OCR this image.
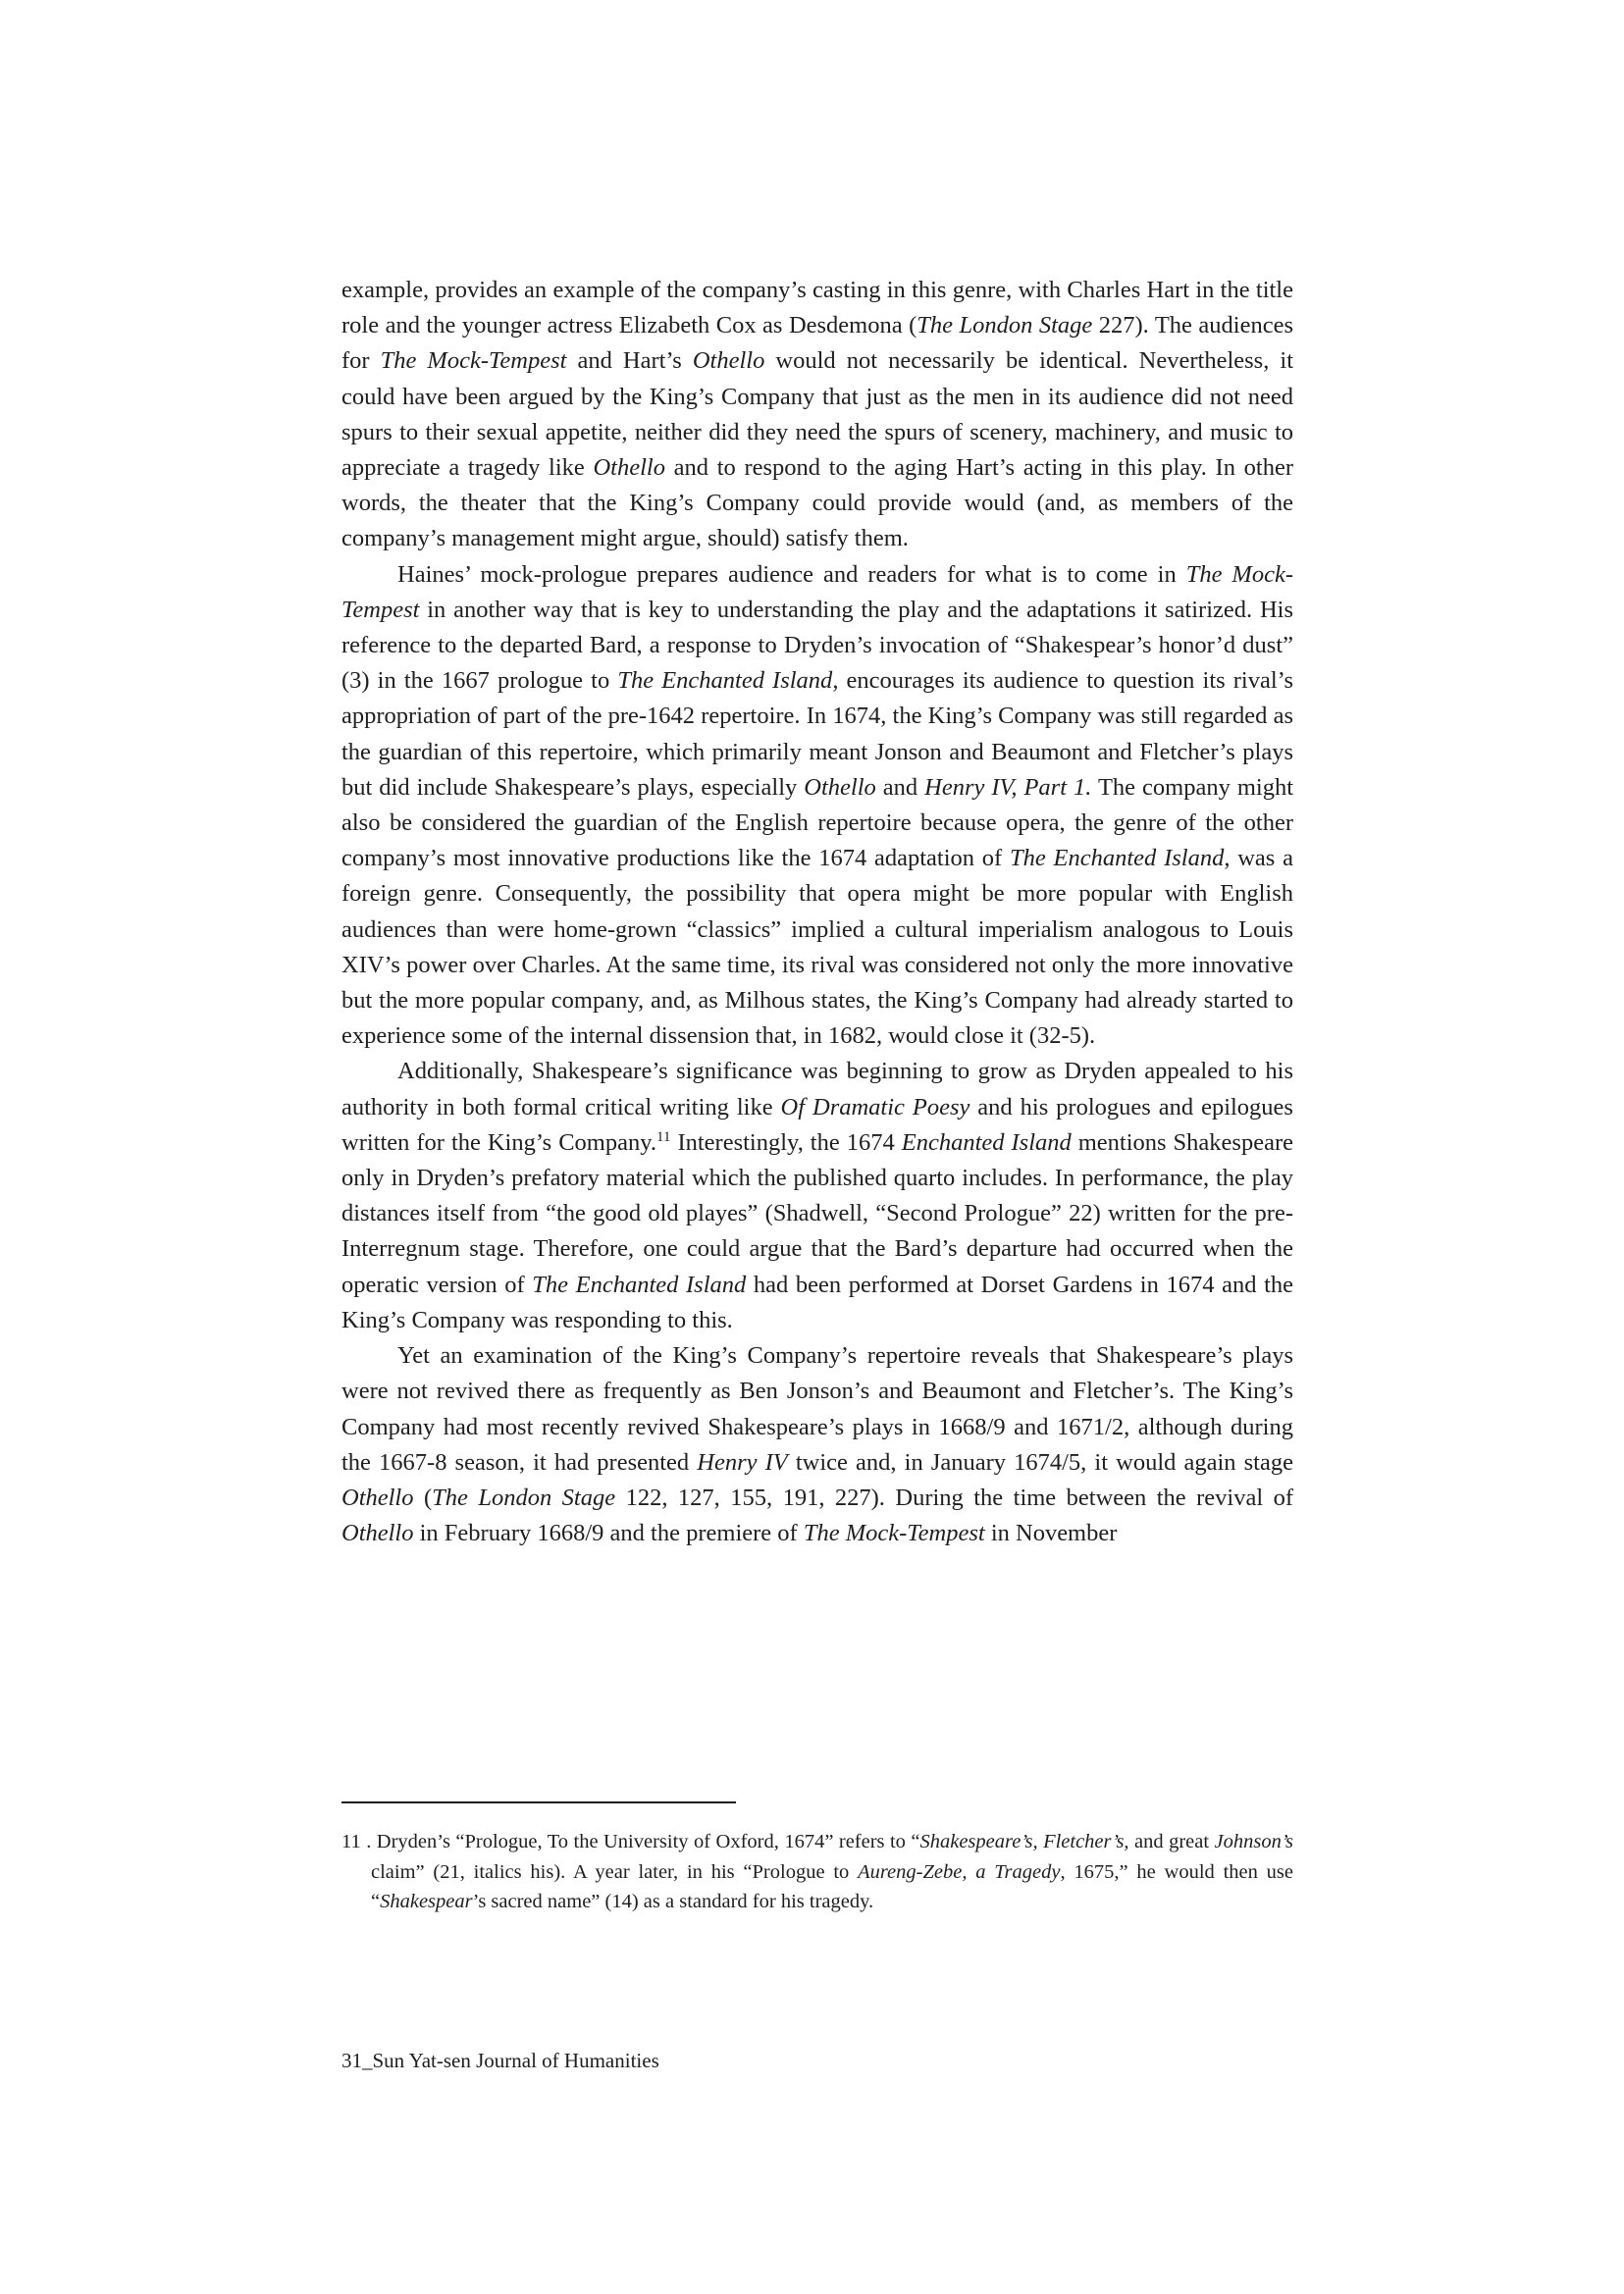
example, provides an example of the company’s casting in this genre, with Charles Hart in the title role and the younger actress Elizabeth Cox as Desdemona (The London Stage 227). The audiences for The Mock-Tempest and Hart’s Othello would not necessarily be identical. Nevertheless, it could have been argued by the King’s Company that just as the men in its audience did not need spurs to their sexual appetite, neither did they need the spurs of scenery, machinery, and music to appreciate a tragedy like Othello and to respond to the aging Hart’s acting in this play. In other words, the theater that the King’s Company could provide would (and, as members of the company’s management might argue, should) satisfy them.

Haines’ mock-prologue prepares audience and readers for what is to come in The Mock-Tempest in another way that is key to understanding the play and the adaptations it satirized. His reference to the departed Bard, a response to Dryden’s invocation of “Shakespear’s honor’d dust” (3) in the 1667 prologue to The Enchanted Island, encourages its audience to question its rival’s appropriation of part of the pre-1642 repertoire. In 1674, the King’s Company was still regarded as the guardian of this repertoire, which primarily meant Jonson and Beaumont and Fletcher’s plays but did include Shakespeare’s plays, especially Othello and Henry IV, Part 1. The company might also be considered the guardian of the English repertoire because opera, the genre of the other company’s most innovative productions like the 1674 adaptation of The Enchanted Island, was a foreign genre. Consequently, the possibility that opera might be more popular with English audiences than were home-grown “classics” implied a cultural imperialism analogous to Louis XIV’s power over Charles. At the same time, its rival was considered not only the more innovative but the more popular company, and, as Milhous states, the King’s Company had already started to experience some of the internal dissension that, in 1682, would close it (32-5).

Additionally, Shakespeare’s significance was beginning to grow as Dryden appealed to his authority in both formal critical writing like Of Dramatic Poesy and his prologues and epilogues written for the King’s Company.$^{11}$ Interestingly, the 1674 Enchanted Island mentions Shakespeare only in Dryden’s prefatory material which the published quarto includes. In performance, the play distances itself from “the good old playes” (Shadwell, “Second Prologue” 22) written for the pre-Interregnum stage. Therefore, one could argue that the Bard’s departure had occurred when the operatic version of The Enchanted Island had been performed at Dorset Gardens in 1674 and the King’s Company was responding to this.

Yet an examination of the King’s Company’s repertoire reveals that Shakespeare’s plays were not revived there as frequently as Ben Jonson’s and Beaumont and Fletcher’s. The King’s Company had most recently revived Shakespeare’s plays in 1668/9 and 1671/2, although during the 1667-8 season, it had presented Henry IV twice and, in January 1674/5, it would again stage Othello (The London Stage 122, 127, 155, 191, 227). During the time between the revival of Othello in February 1668/9 and the premiere of The Mock-Tempest in November

11 . Dryden’s “Prologue, To the University of Oxford, 1674” refers to “Shakespeare’s, Fletcher’s, and great Johnson’s claim” (21, italics his). A year later, in his “Prologue to Aureng-Zebe, a Tragedy, 1675,” he would then use “Shakespear’s sacred name” (14) as a standard for his tragedy.

31_Sun Yat-sen Journal of Humanities
